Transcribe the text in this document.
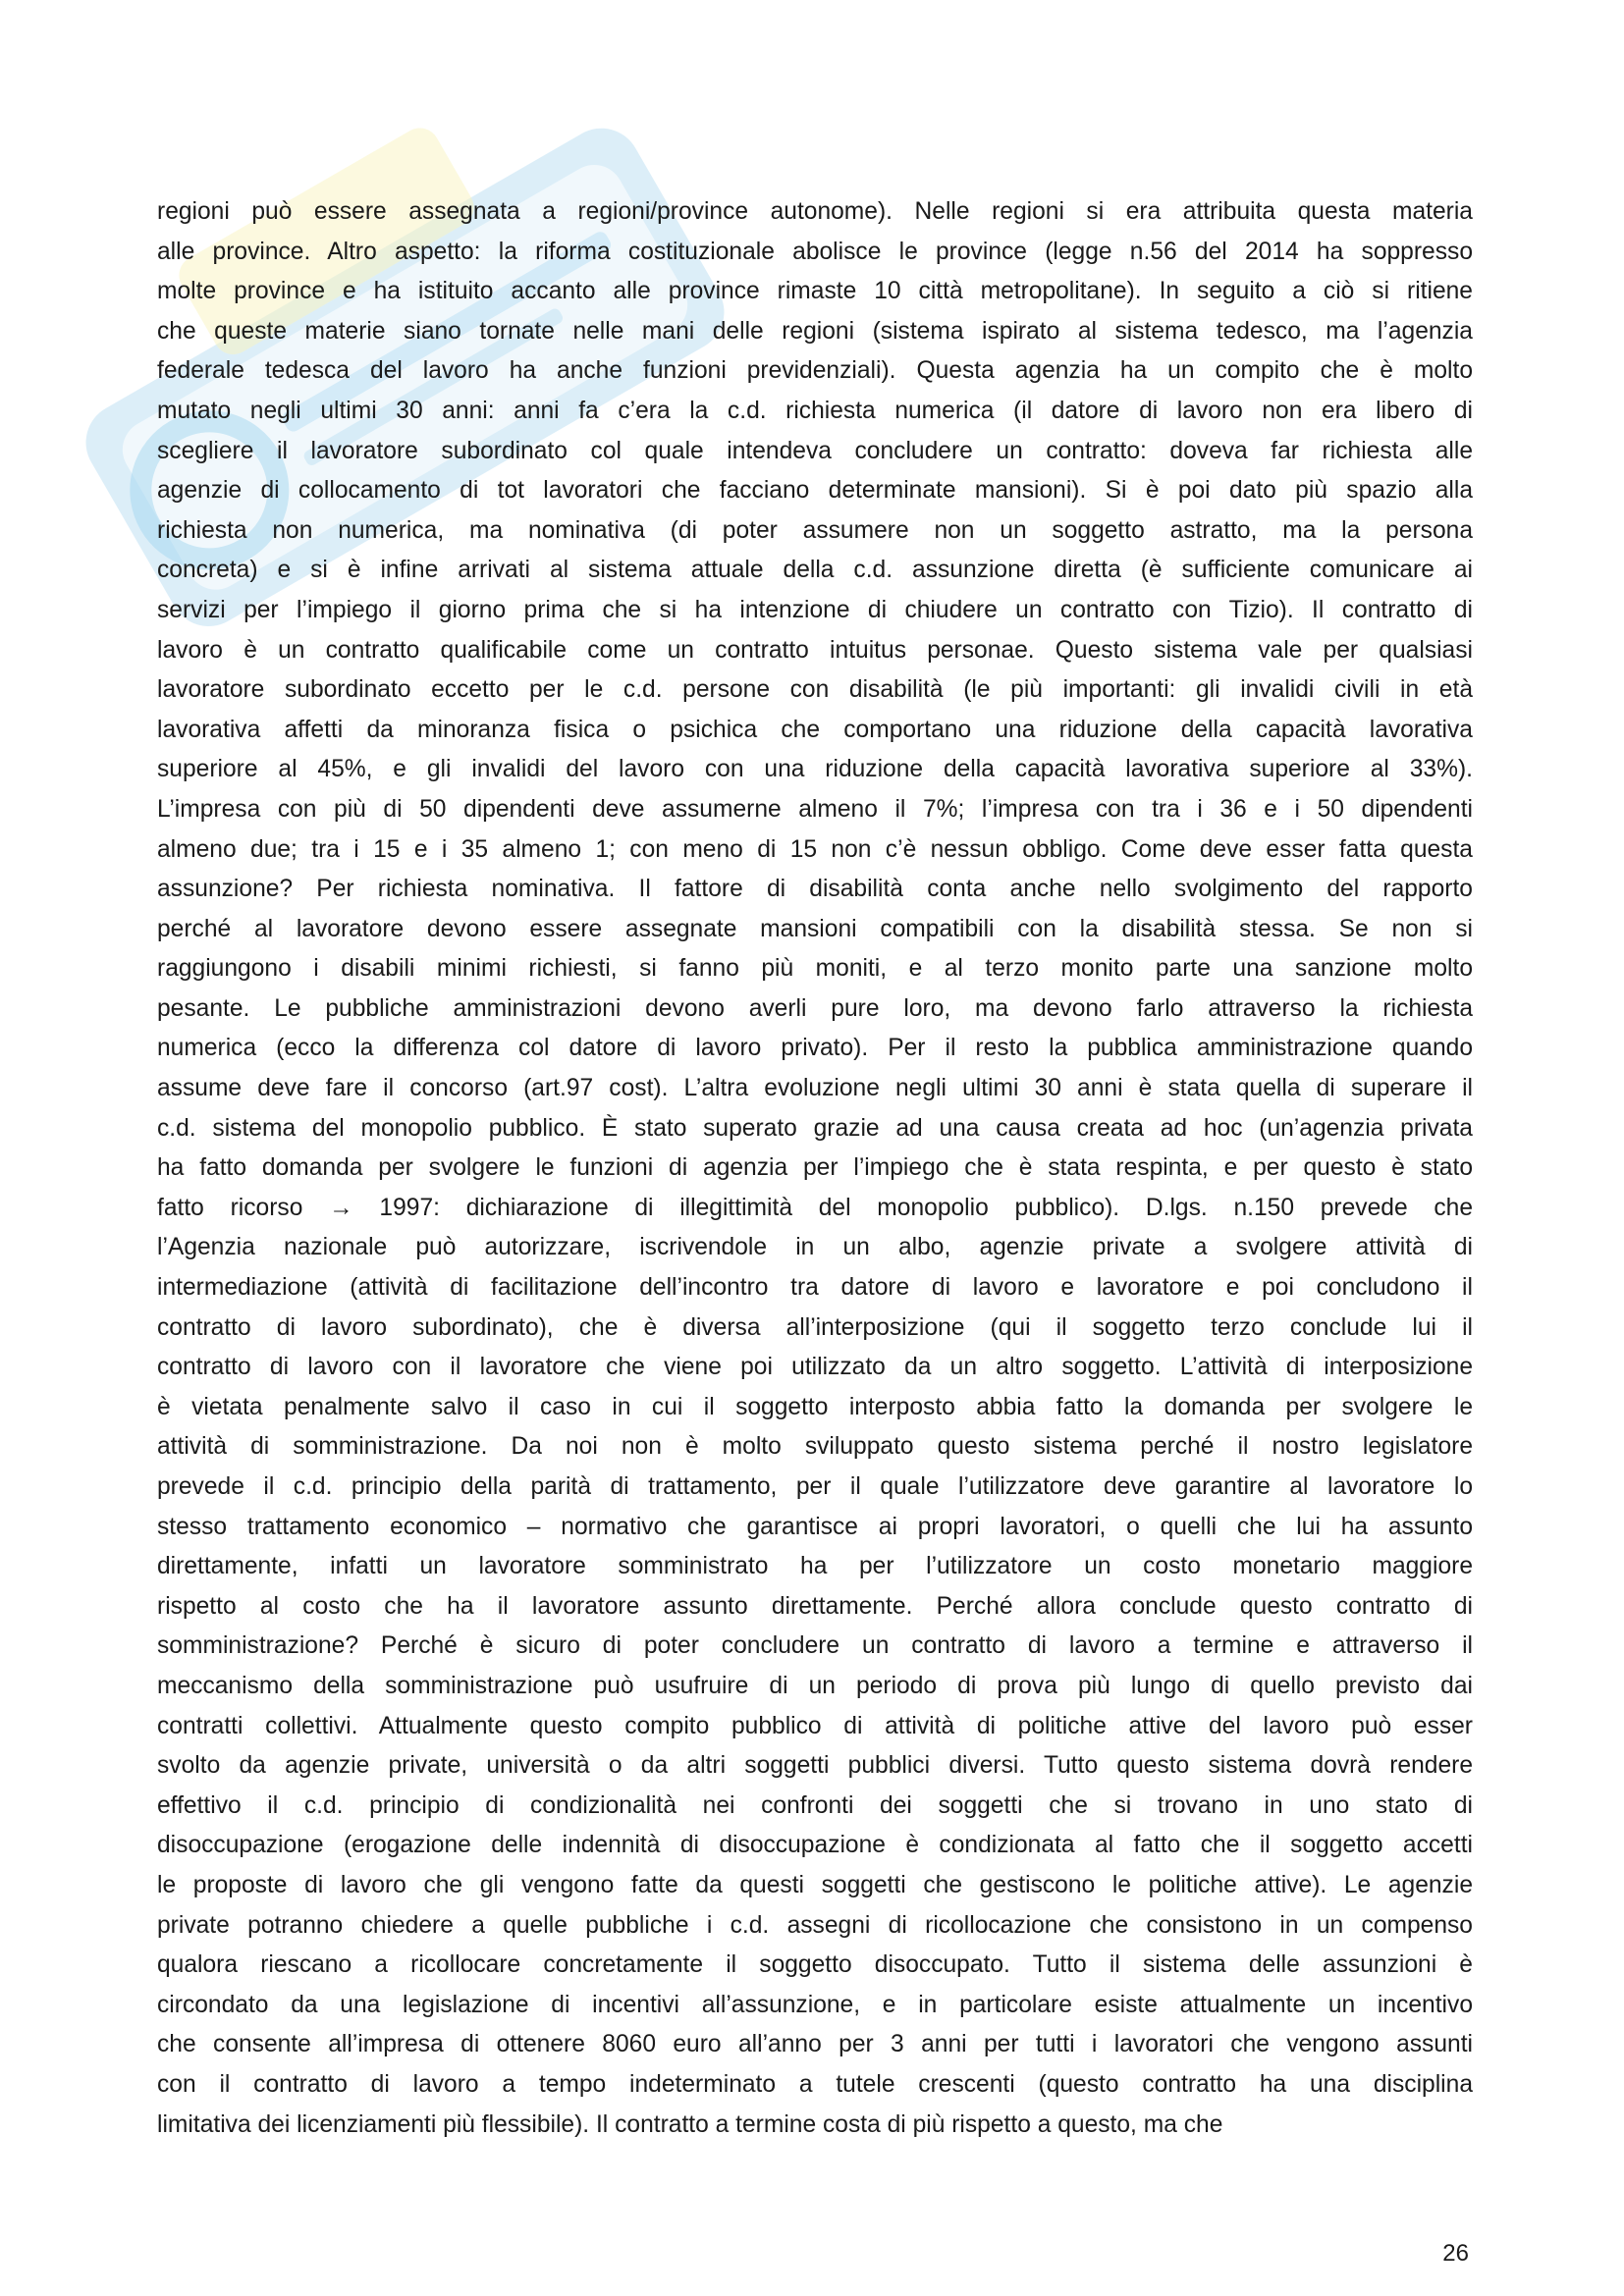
regioni può essere assegnata a regioni/province autonome). Nelle regioni si era attribuita questa materia
alle province. Altro aspetto: la riforma costituzionale abolisce le province (legge n.56 del 2014 ha soppresso
molte province e ha istituito accanto alle province rimaste 10 città metropolitane). In seguito a ciò si ritiene
che queste materie siano tornate nelle mani delle regioni (sistema ispirato al sistema tedesco, ma l’agenzia
federale tedesca del lavoro ha anche funzioni previdenziali). Questa agenzia ha un compito che è molto
mutato negli ultimi 30 anni: anni fa c’era la c.d. richiesta numerica (il datore di lavoro non era libero di
scegliere il lavoratore subordinato col quale intendeva concludere un contratto: doveva far richiesta alle
agenzie di collocamento di tot lavoratori che facciano determinate mansioni). Si è poi dato più spazio alla
richiesta non numerica, ma nominativa (di poter assumere non un soggetto astratto, ma la persona
concreta) e si è infine arrivati al sistema attuale della c.d. assunzione diretta (è sufficiente comunicare ai
servizi per l’impiego il giorno prima che si ha intenzione di chiudere un contratto con Tizio). Il contratto di
lavoro è un contratto qualificabile come un contratto intuitus personae. Questo sistema vale per qualsiasi
lavoratore subordinato eccetto per le c.d. persone con disabilità (le più importanti: gli invalidi civili in età
lavorativa affetti da minoranza fisica o psichica che comportano una riduzione della capacità lavorativa
superiore al 45%, e gli invalidi del lavoro con una riduzione della capacità lavorativa superiore al 33%).
L’impresa con più di 50 dipendenti deve assumerne almeno il 7%; l’impresa con tra i 36 e i 50 dipendenti
almeno due; tra i 15 e i 35 almeno 1; con meno di 15 non c’è nessun obbligo. Come deve esser fatta questa
assunzione? Per richiesta nominativa. Il fattore di disabilità conta anche nello svolgimento del rapporto
perché al lavoratore devono essere assegnate mansioni compatibili con la disabilità stessa. Se non si
raggiungono i disabili minimi richiesti, si fanno più moniti, e al terzo monito parte una sanzione molto
pesante. Le pubbliche amministrazioni devono averli pure loro, ma devono farlo attraverso la richiesta
numerica (ecco la differenza col datore di lavoro privato). Per il resto la pubblica amministrazione quando
assume deve fare il concorso (art.97 cost). L’altra evoluzione negli ultimi 30 anni è stata quella di superare il
c.d. sistema del monopolio pubblico. È stato superato grazie ad una causa creata ad hoc (un’agenzia privata
ha fatto domanda per svolgere le funzioni di agenzia per l’impiego che è stata respinta, e per questo è stato
fatto ricorso → 1997: dichiarazione di illegittimità del monopolio pubblico). D.lgs. n.150 prevede che
l’Agenzia nazionale può autorizzare, iscrivendole in un albo, agenzie private a svolgere attività di
intermediazione (attività di facilitazione dell’incontro tra datore di lavoro e lavoratore e poi concludono il
contratto di lavoro subordinato), che è diversa all’interposizione (qui il soggetto terzo conclude lui il
contratto di lavoro con il lavoratore che viene poi utilizzato da un altro soggetto. L’attività di interposizione
è vietata penalmente salvo il caso in cui il soggetto interposto abbia fatto la domanda per svolgere le
attività di somministrazione. Da noi non è molto sviluppato questo sistema perché il nostro legislatore
prevede il c.d. principio della parità di trattamento, per il quale l’utilizzatore deve garantire al lavoratore lo
stesso trattamento economico – normativo che garantisce ai propri lavoratori, o quelli che lui ha assunto
direttamente, infatti un lavoratore somministrato ha per l’utilizzatore un costo monetario maggiore
rispetto al costo che ha il lavoratore assunto direttamente. Perché allora conclude questo contratto di
somministrazione? Perché è sicuro di poter concludere un contratto di lavoro a termine e attraverso il
meccanismo della somministrazione può usufruire di un periodo di prova più lungo di quello previsto dai
contratti collettivi. Attualmente questo compito pubblico di attività di politiche attive del lavoro può esser
svolto da agenzie private, università o da altri soggetti pubblici diversi. Tutto questo sistema dovrà rendere
effettivo il c.d. principio di condizionalità nei confronti dei soggetti che si trovano in uno stato di
disoccupazione (erogazione delle indennità di disoccupazione è condizionata al fatto che il soggetto accetti
le proposte di lavoro che gli vengono fatte da questi soggetti che gestiscono le politiche attive). Le agenzie
private potranno chiedere a quelle pubbliche i c.d. assegni di ricollocazione che consistono in un compenso
qualora riescano a ricollocare concretamente il soggetto disoccupato. Tutto il sistema delle assunzioni è
circondato da una legislazione di incentivi all’assunzione, e in particolare esiste attualmente un incentivo
che consente all’impresa di ottenere 8060 euro all’anno per 3 anni per tutti i lavoratori che vengono assunti
con il contratto di lavoro a tempo indeterminato a tutele crescenti (questo contratto ha una disciplina
limitativa dei licenziamenti più flessibile). Il contratto a termine costa di più rispetto a questo, ma che
26
